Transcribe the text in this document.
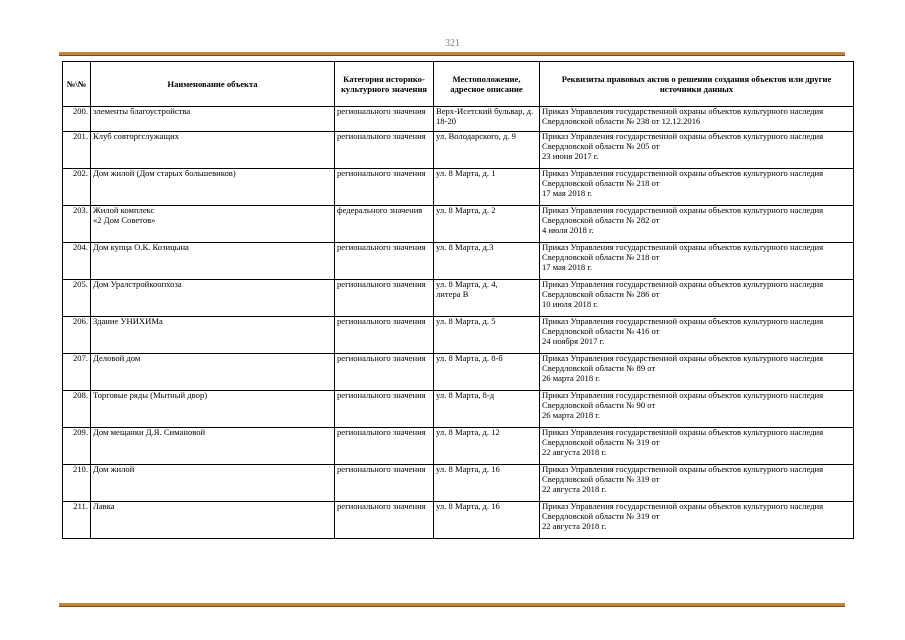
321
№\№	Наименование объекта	Категория историко-культурного значения	Местоположение, адресное описание	Реквизиты правовых актов о решении создания объектов или другие источники данных
200.	элементы благоустройства	регионального значения	Верх-Исетский бульвар, д. 18-20	Приказ Управления государственной охраны объектов культурного наследия Свердловской области № 238 от 12.12.2016
201.	Клуб совторгслужащих	регионального значения	ул. Володарского, д. 9	Приказ Управления государственной охраны объектов культурного наследия Свердловской области № 205 от
23 июня 2017 г.
202.	Дом жилой (Дом старых большевиков)	регионального значения	ул. 8 Марта, д. 1	Приказ Управления государственной охраны объектов культурного наследия Свердловской области № 218 от
17 мая 2018 г.
203.	Жилой комплекс
«2 Дом Советов»	федерального значения	ул. 8 Марта, д. 2	Приказ Управления государственной охраны объектов культурного наследия Свердловской области № 282 от
4 июля 2018 г.
204.	Дом купца О.К. Козицына	регионального значения	ул. 8 Марта, д.3	Приказ Управления государственной охраны объектов культурного наследия Свердловской области № 218 от
17 мая 2018 г.
205.	Дом Уралстройкоопхоза	регионального значения	ул. 8 Марта, д. 4,
литера В	Приказ Управления государственной охраны объектов культурного наследия Свердловской области № 286 от
10 июля 2018 г.
206.	Здание УНИХИМа	регионального значения	ул. 8 Марта, д. 5	Приказ Управления государственной охраны объектов культурного наследия Свердловской области № 416 от
24 ноября 2017 г.
207.	Деловой дом	регионального значения	ул. 8 Марта, д. 8-б	Приказ Управления государственной охраны объектов культурного наследия Свердловской области № 89 от
26 марта 2018 г.
208.	Торговые ряды (Мытный двор)	регионального значения	ул. 8 Марта, 8-д	Приказ Управления государственной охраны объектов культурного наследия Свердловской области № 90 от
26 марта 2018 г.
209.	Дом мещанки Д.Я. Симановой	регионального значения	ул. 8 Марта, д. 12	Приказ Управления государственной охраны объектов культурного наследия Свердловской области № 319 от
22 августа 2018 г.
210.	Дом жилой	регионального значения	ул. 8 Марта, д. 16	Приказ Управления государственной охраны объектов культурного наследия Свердловской области № 319 от
22 августа 2018 г.
211.	Лавка	регионального значения	ул. 8 Марта, д. 16	Приказ Управления государственной охраны объектов культурного наследия Свердловской области № 319 от
22 августа 2018 г.
